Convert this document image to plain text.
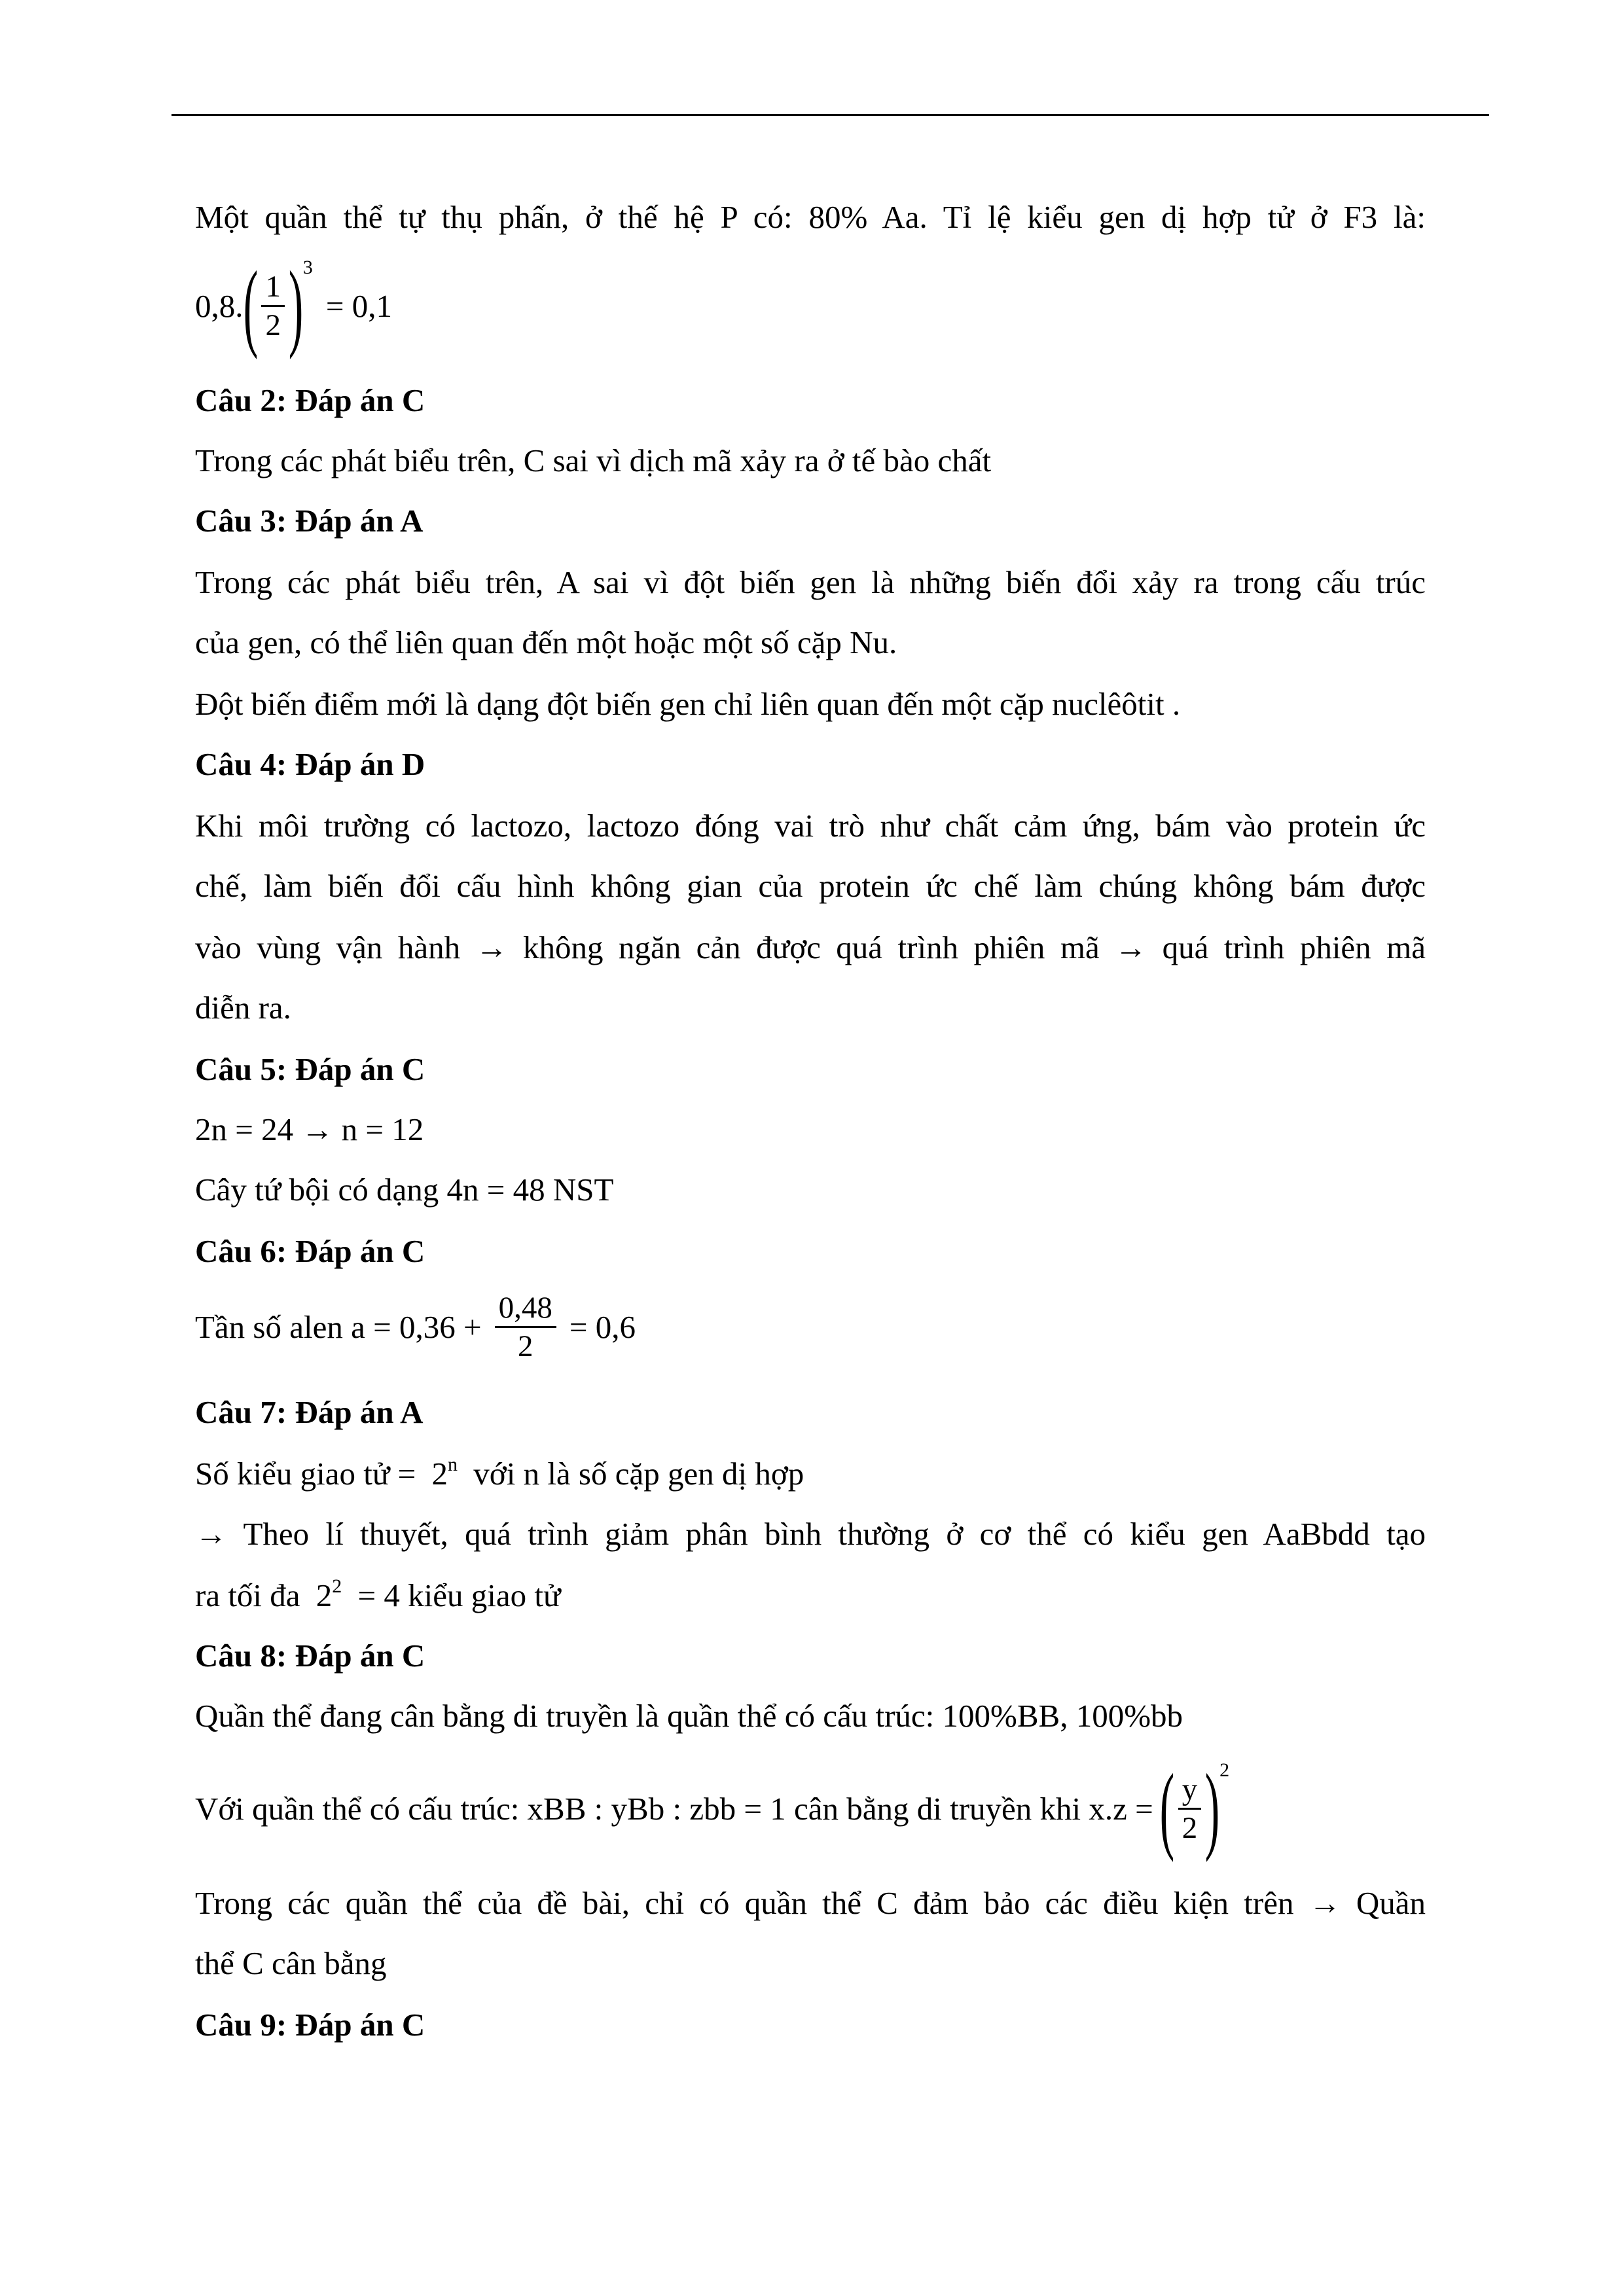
Một quần thể tự thụ phấn, ở thế hệ P có: 80% Aa. Tỉ lệ kiểu gen dị hợp tử ở F3 là:
0,8. ( $\frac{1}{2}$ ) 3
= 0,1
Câu 2: Đáp án C
Trong các phát biểu trên, C sai vì dịch mã xảy ra ở tế bào chất
Câu 3: Đáp án A
Trong các phát biểu trên, A sai vì đột biến gen là những biến đổi xảy ra trong cấu trúc
của gen, có thể liên quan đến một hoặc một số cặp Nu.
Đột biến điểm mới là dạng đột biến gen chỉ liên quan đến một cặp nuclêôtit .
Câu 4: Đáp án D
Khi môi trường có lactozo, lactozo đóng vai trò như chất cảm ứng, bám vào protein ức
chế, làm biến đổi cấu hình không gian của protein ức chế làm chúng không bám được
vào vùng vận hành → không ngăn cản được quá trình phiên mã → quá trình phiên mã
diễn ra.
Câu 5: Đáp án C
2n = 24 → n = 12
Cây tứ bội có dạng 4n = 48 NST
Câu 6: Đáp án C
Tần số alen $a = 0,36 + \frac{0,48}{2} = 0,6$
Câu 7: Đáp án A
Số kiểu giao tử = $2^n$ với n là số cặp gen dị hợp
→ Theo lí thuyết, quá trình giảm phân bình thường ở cơ thể có kiểu gen AaBbdd tạo
ra tối đa $2^2 = 4$ kiểu giao tử
Câu 8: Đáp án C
Quần thể đang cân bằng di truyền là quần thể có cấu trúc: 100%BB, 100%bb
Với quần thể có cấu trúc: xBB : yBb : zbb = 1 cân bằng di truyền khi x.z = ( $\frac{y}{2}$ ) 2
Trong các quần thể của đề bài, chỉ có quần thể C đảm bảo các điều kiện trên → Quần
thể C cân bằng
Câu 9: Đáp án C
